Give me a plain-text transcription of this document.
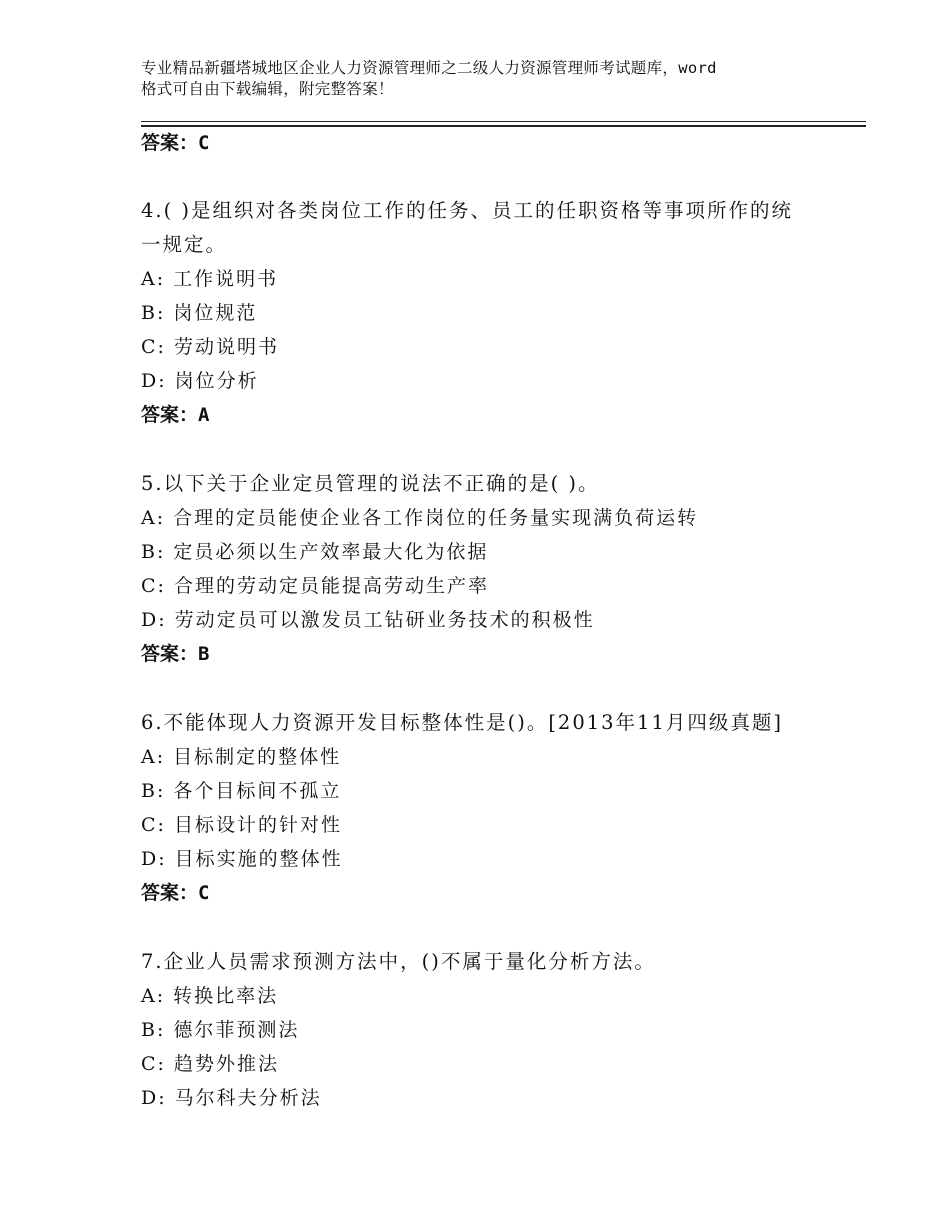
专业精品新疆塔城地区企业人力资源管理师之二级人力资源管理师考试题库，word
格式可自由下载编辑，附完整答案！
答案：C

4.( )是组织对各类岗位工作的任务、员工的任职资格等事项所作的统

一规定。

A: 工作说明书

B: 岗位规范

C: 劳动说明书

D: 岗位分析

答案：A

5.以下关于企业定员管理的说法不正确的是( )。

A: 合理的定员能使企业各工作岗位的任务量实现满负荷运转

B: 定员必须以生产效率最大化为依据

C: 合理的劳动定员能提高劳动生产率

D: 劳动定员可以激发员工钻研业务技术的积极性

答案：B

6.不能体现人力资源开发目标整体性是()。[2013年11月四级真题]

A: 目标制定的整体性

B: 各个目标间不孤立

C: 目标设计的针对性

D: 目标实施的整体性

答案：C

7.企业人员需求预测方法中，()不属于量化分析方法。

A: 转换比率法

B: 德尔菲预测法

C: 趋势外推法

D: 马尔科夫分析法
